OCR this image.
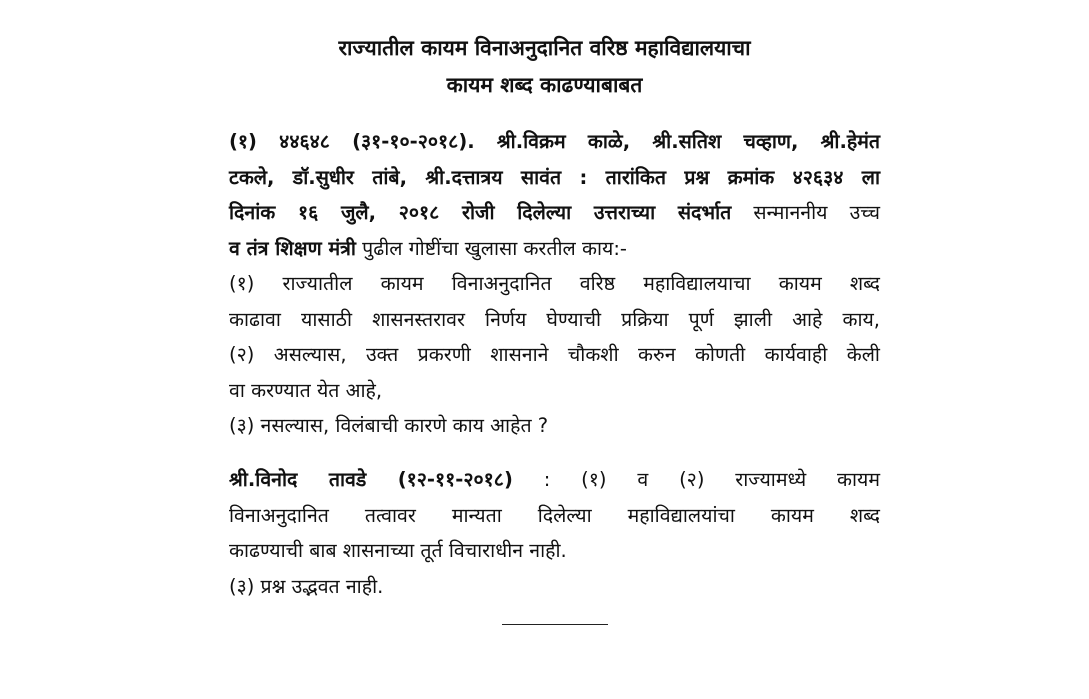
राज्यातील कायम विनाअनुदानित वरिष्ठ महाविद्यालयाचा
कायम शब्द काढण्याबाबत
(१) ४४६४८ (३१-१०-२०१८). श्री.विक्रम काळे, श्री.सतिश चव्हाण, श्री.हेमंत
टकले, डॉ.सुधीर तांबे, श्री.दत्तात्रय सावंत : तारांकित प्रश्न क्रमांक ४२६३४ ला
दिनांक १६ जुलै, २०१८ रोजी दिलेल्या उत्तराच्या संदर्भात सन्माननीय उच्च
व तंत्र शिक्षण मंत्री पुढील गोष्टींचा खुलासा करतील काय:-
(१) राज्यातील कायम विनाअनुदानित वरिष्ठ महाविद्यालयाचा कायम शब्द
काढावा यासाठी शासनस्तरावर निर्णय घेण्याची प्रक्रिया पूर्ण झाली आहे काय,
(२) असल्यास, उक्त प्रकरणी शासनाने चौकशी करुन कोणती कार्यवाही केली
वा करण्यात येत आहे,
(३) नसल्यास, विलंबाची कारणे काय आहेत ?
श्री.विनोद तावडे (१२-११-२०१८) : (१) व (२) राज्यामध्ये कायम
विनाअनुदानित तत्वावर मान्यता दिलेल्या महाविद्यालयांचा कायम शब्द
काढण्याची बाब शासनाच्या तूर्त विचाराधीन नाही.
(३) प्रश्न उद्भवत नाही.
